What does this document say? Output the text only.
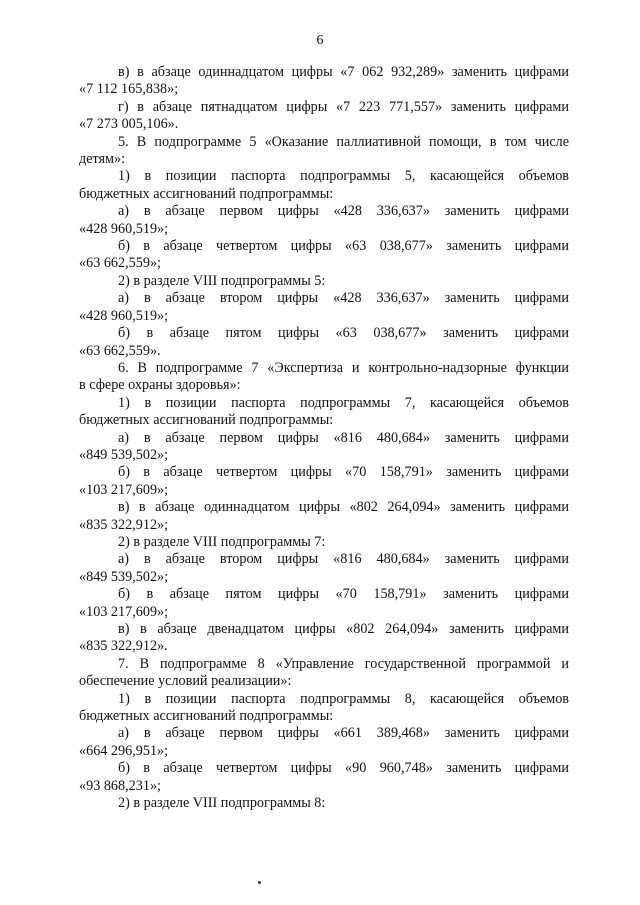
6
в) в абзаце одиннадцатом цифры «7 062 932,289» заменить цифрами
«7 112 165,838»;
г) в абзаце пятнадцатом цифры «7 223 771,557» заменить цифрами
«7 273 005,106».
5. В подпрограмме 5 «Оказание паллиативной помощи, в том числе
детям»:
1) в позиции паспорта подпрограммы 5, касающейся объемов
бюджетных ассигнований подпрограммы:
а) в абзаце первом цифры «428 336,637» заменить цифрами
«428 960,519»;
б) в абзаце четвертом цифры «63 038,677» заменить цифрами
«63 662,559»;
2) в разделе VIII подпрограммы 5:
а) в абзаце втором цифры «428 336,637» заменить цифрами
«428 960,519»;
б) в абзаце пятом цифры «63 038,677» заменить цифрами
«63 662,559».
6. В подпрограмме 7 «Экспертиза и контрольно-надзорные функции
в сфере охраны здоровья»:
1) в позиции паспорта подпрограммы 7, касающейся объемов
бюджетных ассигнований подпрограммы:
а) в абзаце первом цифры «816 480,684» заменить цифрами
«849 539,502»;
б) в абзаце четвертом цифры «70 158,791» заменить цифрами
«103 217,609»;
в) в абзаце одиннадцатом цифры «802 264,094» заменить цифрами
«835 322,912»;
2) в разделе VIII подпрограммы 7:
а) в абзаце втором цифры «816 480,684» заменить цифрами
«849 539,502»;
б) в абзаце пятом цифры «70 158,791» заменить цифрами
«103 217,609»;
в) в абзаце двенадцатом цифры «802 264,094» заменить цифрами
«835 322,912».
7. В подпрограмме 8 «Управление государственной программой и
обеспечение условий реализации»:
1) в позиции паспорта подпрограммы 8, касающейся объемов
бюджетных ассигнований подпрограммы:
а) в абзаце первом цифры «661 389,468» заменить цифрами
«664 296,951»;
б) в абзаце четвертом цифры «90 960,748» заменить цифрами
«93 868,231»;
2) в разделе VIII подпрограммы 8:
